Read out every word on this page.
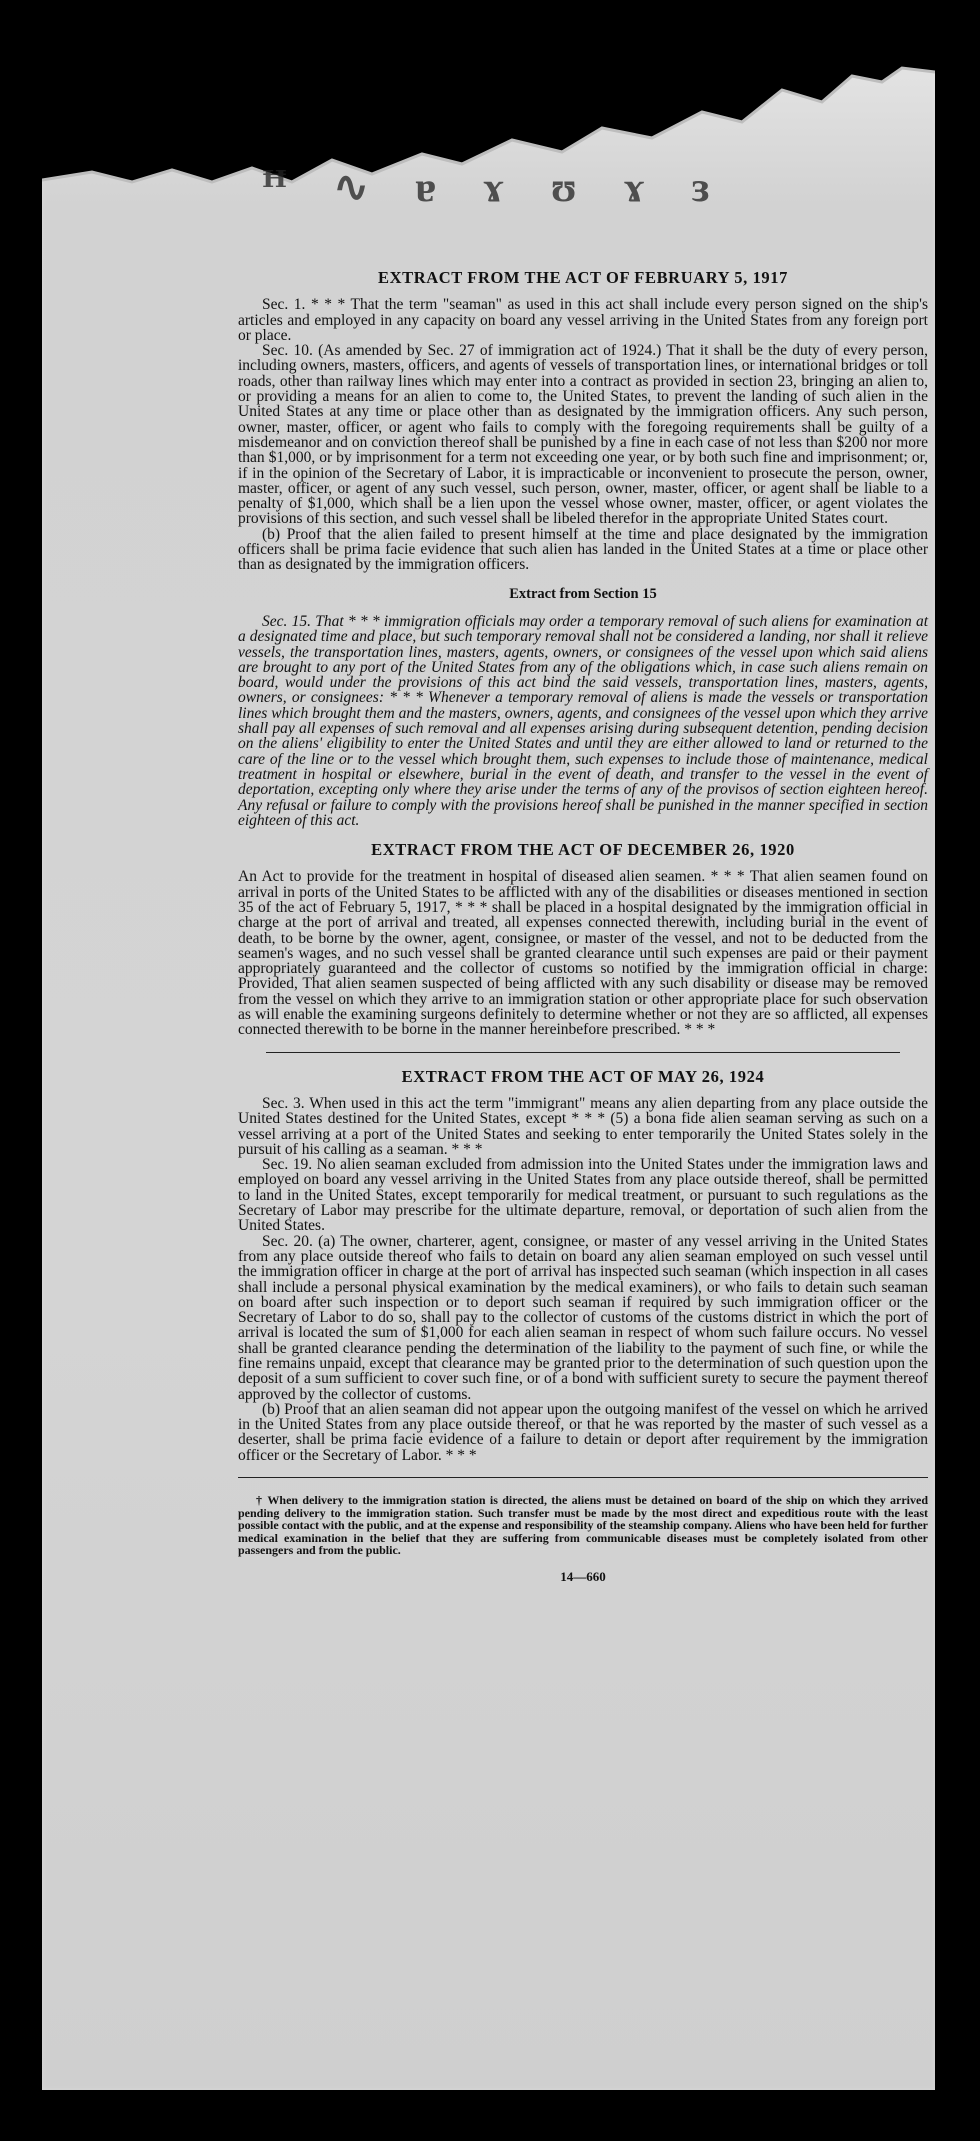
ꟸ ∿ ɐ ɤ ʊ ɤ ɜ
EXTRACT FROM THE ACT OF FEBRUARY 5, 1917

Sec. 1. * * * That the term "seaman" as used in this act shall include every person signed on the ship's articles and employed in any capacity on board any vessel arriving in the United States from any foreign port or place.

Sec. 10. (As amended by Sec. 27 of immigration act of 1924.) That it shall be the duty of every person, including owners, masters, officers, and agents of vessels of transportation lines, or international bridges or toll roads, other than railway lines which may enter into a contract as provided in section 23, bringing an alien to, or providing a means for an alien to come to, the United States, to prevent the landing of such alien in the United States at any time or place other than as designated by the immigration officers. Any such person, owner, master, officer, or agent who fails to comply with the foregoing requirements shall be guilty of a misdemeanor and on conviction thereof shall be punished by a fine in each case of not less than $200 nor more than $1,000, or by imprisonment for a term not exceeding one year, or by both such fine and imprisonment; or, if in the opinion of the Secretary of Labor, it is impracticable or inconvenient to prosecute the person, owner, master, officer, or agent of any such vessel, such person, owner, master, officer, or agent shall be liable to a penalty of $1,000, which shall be a lien upon the vessel whose owner, master, officer, or agent violates the provisions of this section, and such vessel shall be libeled therefor in the appropriate United States court.

(b) Proof that the alien failed to present himself at the time and place designated by the immigration officers shall be prima facie evidence that such alien has landed in the United States at a time or place other than as designated by the immigration officers.

Extract from Section 15

Sec. 15. That * * * immigration officials may order a temporary removal of such aliens for examination at a designated time and place, but such temporary removal shall not be considered a landing, nor shall it relieve vessels, the transportation lines, masters, agents, owners, or consignees of the vessel upon which said aliens are brought to any port of the United States from any of the obligations which, in case such aliens remain on board, would under the provisions of this act bind the said vessels, transportation lines, masters, agents, owners, or consignees: * * * Whenever a temporary removal of aliens is made the vessels or transportation lines which brought them and the masters, owners, agents, and consignees of the vessel upon which they arrive shall pay all expenses of such removal and all expenses arising during subsequent detention, pending decision on the aliens' eligibility to enter the United States and until they are either allowed to land or returned to the care of the line or to the vessel which brought them, such expenses to include those of maintenance, medical treatment in hospital or elsewhere, burial in the event of death, and transfer to the vessel in the event of deportation, excepting only where they arise under the terms of any of the provisos of section eighteen hereof. Any refusal or failure to comply with the provisions hereof shall be punished in the manner specified in section eighteen of this act.

EXTRACT FROM THE ACT OF DECEMBER 26, 1920

An Act to provide for the treatment in hospital of diseased alien seamen. * * * That alien seamen found on arrival in ports of the United States to be afflicted with any of the disabilities or diseases mentioned in section 35 of the act of February 5, 1917, * * * shall be placed in a hospital designated by the immigration official in charge at the port of arrival and treated, all expenses connected therewith, including burial in the event of death, to be borne by the owner, agent, consignee, or master of the vessel, and not to be deducted from the seamen's wages, and no such vessel shall be granted clearance until such expenses are paid or their payment appropriately guaranteed and the collector of customs so notified by the immigration official in charge: Provided, That alien seamen suspected of being afflicted with any such disability or disease may be removed from the vessel on which they arrive to an immigration station or other appropriate place for such observation as will enable the examining surgeons definitely to determine whether or not they are so afflicted, all expenses connected therewith to be borne in the manner hereinbefore prescribed. * * *

EXTRACT FROM THE ACT OF MAY 26, 1924

Sec. 3. When used in this act the term "immigrant" means any alien departing from any place outside the United States destined for the United States, except * * * (5) a bona fide alien seaman serving as such on a vessel arriving at a port of the United States and seeking to enter temporarily the United States solely in the pursuit of his calling as a seaman. * * *

Sec. 19. No alien seaman excluded from admission into the United States under the immigration laws and employed on board any vessel arriving in the United States from any place outside thereof, shall be permitted to land in the United States, except temporarily for medical treatment, or pursuant to such regulations as the Secretary of Labor may prescribe for the ultimate departure, removal, or deportation of such alien from the United States.

Sec. 20. (a) The owner, charterer, agent, consignee, or master of any vessel arriving in the United States from any place outside thereof who fails to detain on board any alien seaman employed on such vessel until the immigration officer in charge at the port of arrival has inspected such seaman (which inspection in all cases shall include a personal physical examination by the medical examiners), or who fails to detain such seaman on board after such inspection or to deport such seaman if required by such immigration officer or the Secretary of Labor to do so, shall pay to the collector of customs of the customs district in which the port of arrival is located the sum of $1,000 for each alien seaman in respect of whom such failure occurs. No vessel shall be granted clearance pending the determination of the liability to the payment of such fine, or while the fine remains unpaid, except that clearance may be granted prior to the determination of such question upon the deposit of a sum sufficient to cover such fine, or of a bond with sufficient surety to secure the payment thereof approved by the collector of customs.

(b) Proof that an alien seaman did not appear upon the outgoing manifest of the vessel on which he arrived in the United States from any place outside thereof, or that he was reported by the master of such vessel as a deserter, shall be prima facie evidence of a failure to detain or deport after requirement by the immigration officer or the Secretary of Labor. * * *

† When delivery to the immigration station is directed, the aliens must be detained on board of the ship on which they arrived pending delivery to the immigration station. Such transfer must be made by the most direct and expeditious route with the least possible contact with the public, and at the expense and responsibility of the steamship company. Aliens who have been held for further medical examination in the belief that they are suffering from communicable diseases must be completely isolated from other passengers and from the public.

14—660
